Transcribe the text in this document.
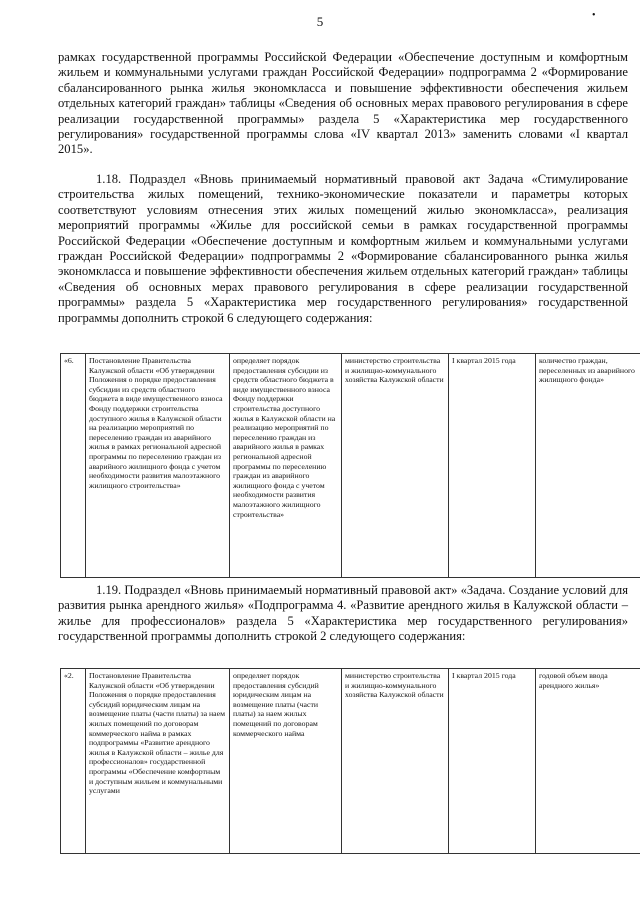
5	•

рамках государственной программы Российской Федерации «Обеспечение доступным и комфортным жильем и коммунальными услугами граждан Российской Федерации» подпрограмма 2 «Формирование сбалансированного рынка жилья экономкласса и повышение эффективности обеспечения жильем отдельных категорий граждан» таблицы «Сведения об основных мерах правового регулирования в сфере реализации государственной программы» раздела 5 «Характеристика мер государственного регулирования» государственной программы слова «IV квартал 2013» заменить словами «I квартал 2015».

1.18. Подраздел «Вновь принимаемый нормативный правовой акт Задача «Стимулирование строительства жилых помещений, технико-экономические показатели и параметры которых соответствуют условиям отнесения этих жилых помещений жилью экономкласса», реализация мероприятий программы «Жилье для российской семьи в рамках государственной программы Российской Федерации «Обеспечение доступным и комфортным жильем и коммунальными услугами граждан Российской Федерации» подпрограммы 2 «Формирование сбалансированного рынка жилья экономкласса и повышение эффективности обеспечения жильем отдельных категорий граждан» таблицы «Сведения об основных мерах правового регулирования в сфере реализации государственной программы» раздела 5 «Характеристика мер государственного регулирования» государственной программы дополнить строкой 6 следующего содержания:

«6.	Постановление Правительства Калужской области «Об утверждении Положения о порядке предоставления субсидии из средств областного бюджета в виде имущественного взноса Фонду поддержки строительства доступного жилья в Калужской области на реализацию мероприятий по переселению граждан из аварийного жилья в рамках региональной адресной программы по переселению граждан из аварийного жилищного фонда с учетом необходимости развития малоэтажного жилищного строительства»	определяет порядок предоставления субсидии из средств областного бюджета в виде имущественного взноса Фонду поддержки строительства доступного жилья в Калужской области на реализацию мероприятий по переселению граждан из аварийного жилья в рамках региональной адресной программы по переселению граждан из аварийного жилищного фонда с учетом необходимости развития малоэтажного жилищного строительства»	министерство строительства и жилищно-коммунального хозяйства Калужской области	I квартал 2015 года	количество граждан, переселенных из аварийного жилищного фонда»

1.19. Подраздел «Вновь принимаемый нормативный правовой акт» «Задача. Создание условий для развития рынка арендного жилья» «Подпрограмма 4. «Развитие арендного жилья в Калужской области – жилье для профессионалов» раздела 5 «Характеристика мер государственного регулирования» государственной программы дополнить строкой 2 следующего содержания:

«2.	Постановление Правительства Калужской области «Об утверждении Положения о порядке предоставления субсидий юридическим лицам на возмещение платы (части платы) за наем жилых помещений по договорам коммерческого найма в рамках подпрограммы «Развитие арендного жилья в Калужской области – жилье для профессионалов» государственной программы «Обеспечение комфортным и доступным жильем и коммунальными услугами	определяет порядок предоставления субсидий юридическим лицам на возмещение платы (части платы) за наем жилых помещений по договорам коммерческого найма	министерство строительства и жилищно-коммунального хозяйства Калужской области	I квартал 2015 года	годовой объем ввода арендного жилья»
